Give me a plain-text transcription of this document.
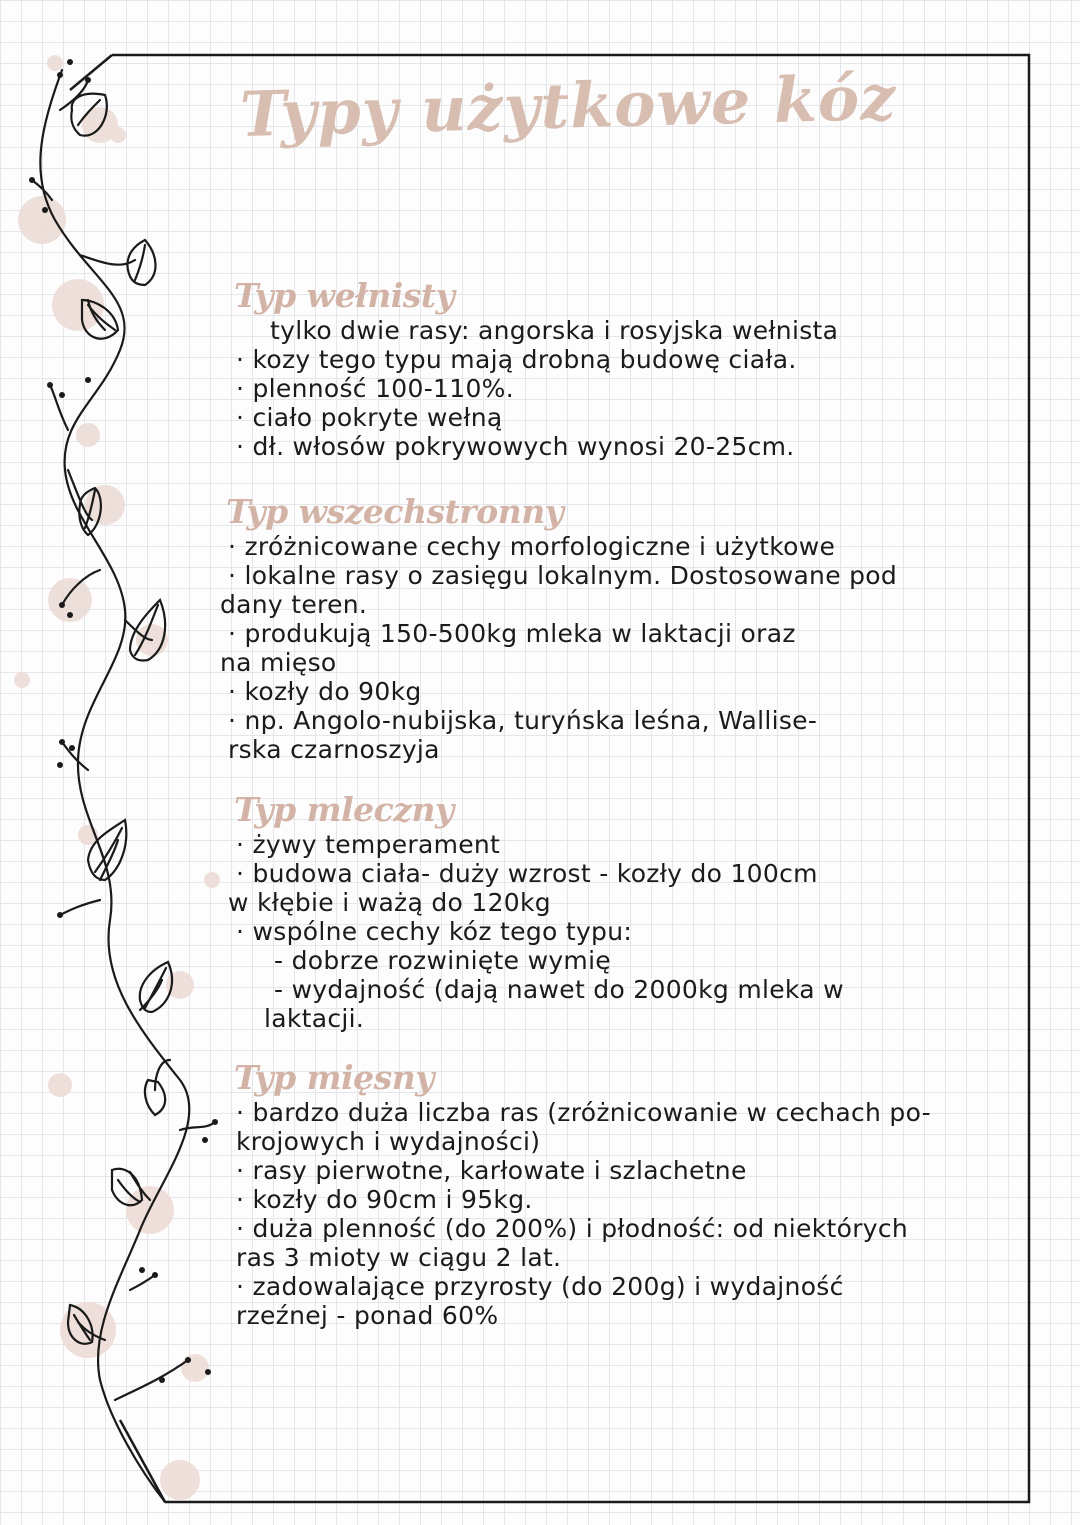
Typy użytkowe kóz
Typ wełnisty
tylko dwie rasy: angorska i rosyjska wełnista
· kozy tego typu mają drobną budowę ciała.
· plenność 100-110%.
· ciało pokryte wełną
· dł. włosów pokrywowych wynosi 20-25cm.
Typ wszechstronny
· zróżnicowane cechy morfologiczne i użytkowe
· lokalne rasy o zasięgu lokalnym. Dostosowane pod
dany teren.
· produkują 150-500kg mleka w laktacji oraz
na mięso
· kozły do 90kg
· np. Angolo-nubijska, turyńska leśna, Wallise-
rska czarnoszyja
Typ mleczny
· żywy temperament
· budowa ciała- duży wzrost - kozły do 100cm
w kłębie i ważą do 120kg
· wspólne cechy kóz tego typu:
- dobrze rozwinięte wymię
- wydajność (dają nawet do 2000kg mleka w
laktacji.
Typ mięsny
· bardzo duża liczba ras (zróżnicowanie w cechach po-
krojowych i wydajności)
· rasy pierwotne, karłowate i szlachetne
· kozły do 90cm i 95kg.
· duża plenność (do 200%) i płodność: od niektórych
ras 3 mioty w ciągu 2 lat.
· zadowalające przyrosty (do 200g) i wydajność
rzeźnej - ponad 60%
